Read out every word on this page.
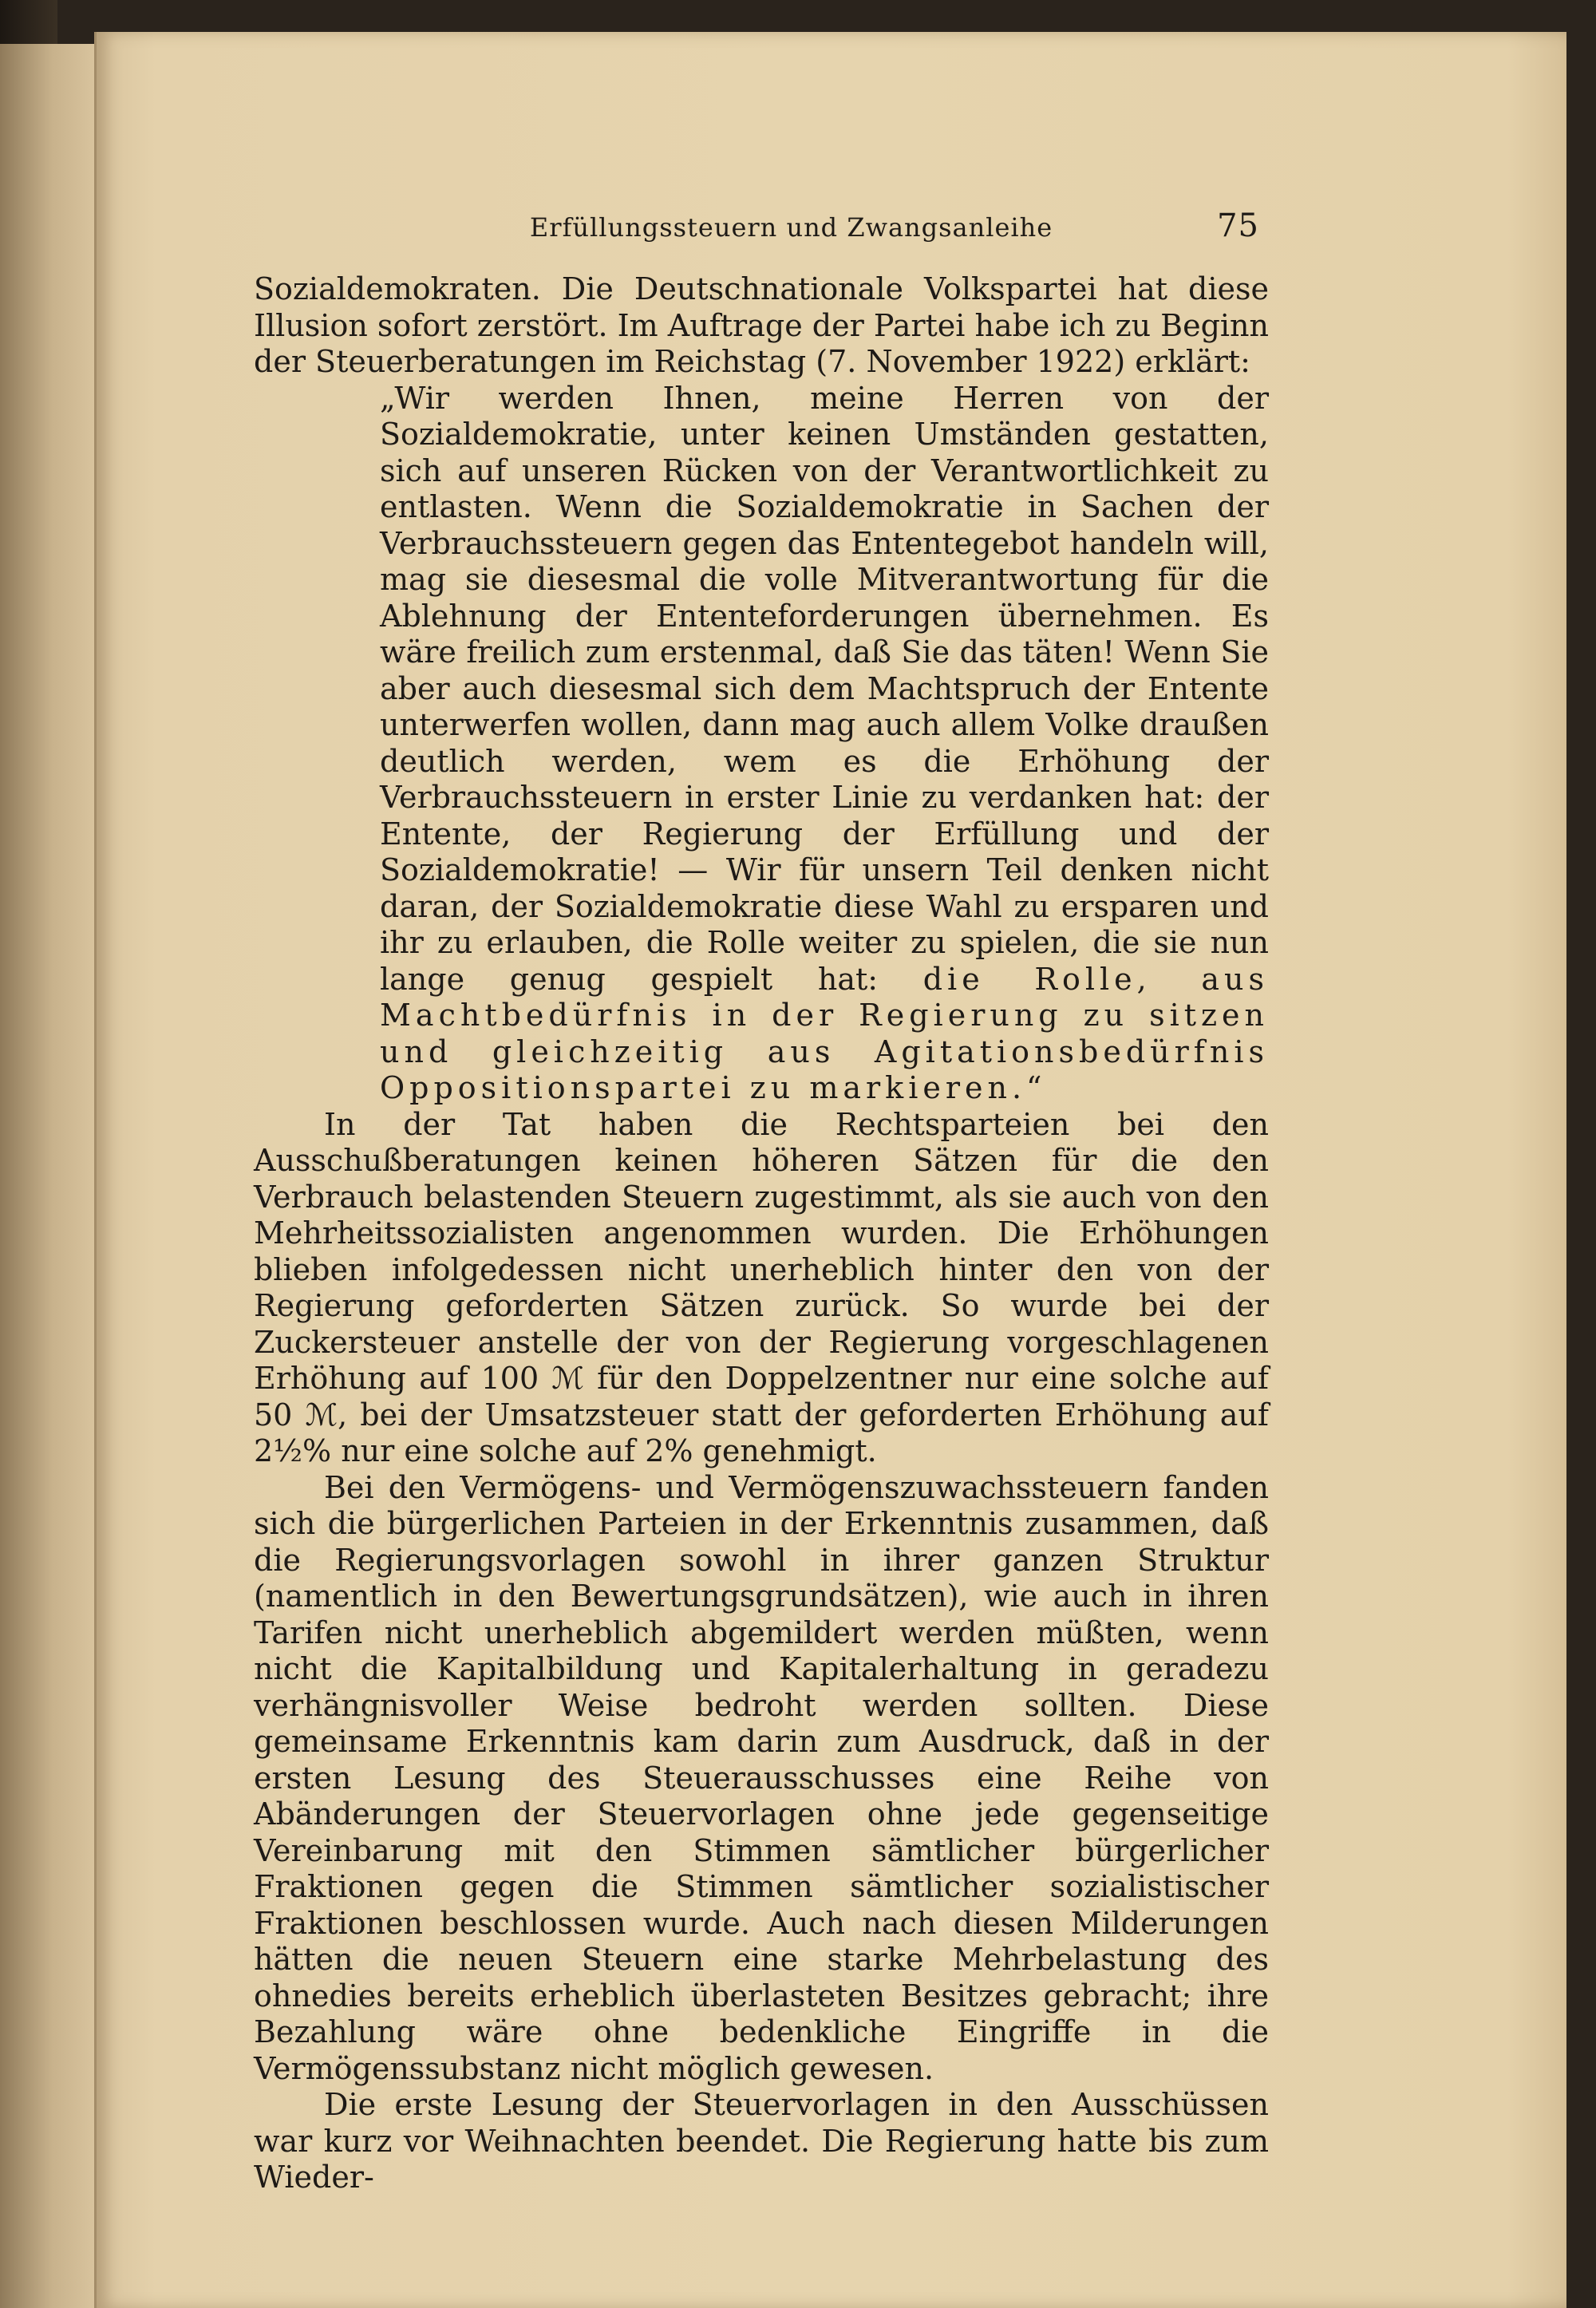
Erfüllungssteuern und Zwangsanleihe	75

Sozialdemokraten. Die Deutschnationale Volkspartei hat diese Illusion sofort zerstört. Im Auftrage der Partei habe ich zu Beginn der Steuerberatungen im Reichstag (7. November 1922) erklärt:

„Wir werden Ihnen, meine Herren von der Sozialdemokratie, unter keinen Umständen gestatten, sich auf unseren Rücken von der Verantwortlichkeit zu entlasten. Wenn die Sozialdemokratie in Sachen der Verbrauchssteuern gegen das Ententegebot handeln will, mag sie diesesmal die volle Mitverantwortung für die Ablehnung der Ententeforderungen übernehmen. Es wäre freilich zum erstenmal, daß Sie das täten! Wenn Sie aber auch diesesmal sich dem Machtspruch der Entente unterwerfen wollen, dann mag auch allem Volke draußen deutlich werden, wem es die Erhöhung der Verbrauchssteuern in erster Linie zu verdanken hat: der Entente, der Regierung der Erfüllung und der Sozialdemokratie! — Wir für unsern Teil denken nicht daran, der Sozialdemokratie diese Wahl zu ersparen und ihr zu erlauben, die Rolle weiter zu spielen, die sie nun lange genug gespielt hat: die Rolle, aus Machtbedürfnis in der Regierung zu sitzen und gleichzeitig aus Agitationsbedürfnis Oppositionspartei zu markieren.“

In der Tat haben die Rechtsparteien bei den Ausschußberatungen keinen höheren Sätzen für die den Verbrauch belastenden Steuern zugestimmt, als sie auch von den Mehrheitssozialisten angenommen wurden. Die Erhöhungen blieben infolgedessen nicht unerheblich hinter den von der Regierung geforderten Sätzen zurück. So wurde bei der Zuckersteuer anstelle der von der Regierung vorgeschlagenen Erhöhung auf 100 ℳ für den Doppelzentner nur eine solche auf 50 ℳ, bei der Umsatzsteuer statt der geforderten Erhöhung auf 2½% nur eine solche auf 2% genehmigt.

Bei den Vermögens- und Vermögenszuwachssteuern fanden sich die bürgerlichen Parteien in der Erkenntnis zusammen, daß die Regierungsvorlagen sowohl in ihrer ganzen Struktur (namentlich in den Bewertungsgrundsätzen), wie auch in ihren Tarifen nicht unerheblich abgemildert werden müßten, wenn nicht die Kapitalbildung und Kapitalerhaltung in geradezu verhängnisvoller Weise bedroht werden sollten. Diese gemeinsame Erkenntnis kam darin zum Ausdruck, daß in der ersten Lesung des Steuerausschusses eine Reihe von Abänderungen der Steuervorlagen ohne jede gegenseitige Vereinbarung mit den Stimmen sämtlicher bürgerlicher Fraktionen gegen die Stimmen sämtlicher sozialistischer Fraktionen beschlossen wurde. Auch nach diesen Milderungen hätten die neuen Steuern eine starke Mehrbelastung des ohnedies bereits erheblich überlasteten Besitzes gebracht; ihre Bezahlung wäre ohne bedenkliche Eingriffe in die Vermögenssubstanz nicht möglich gewesen.

Die erste Lesung der Steuervorlagen in den Ausschüssen war kurz vor Weihnachten beendet. Die Regierung hatte bis zum Wieder-
